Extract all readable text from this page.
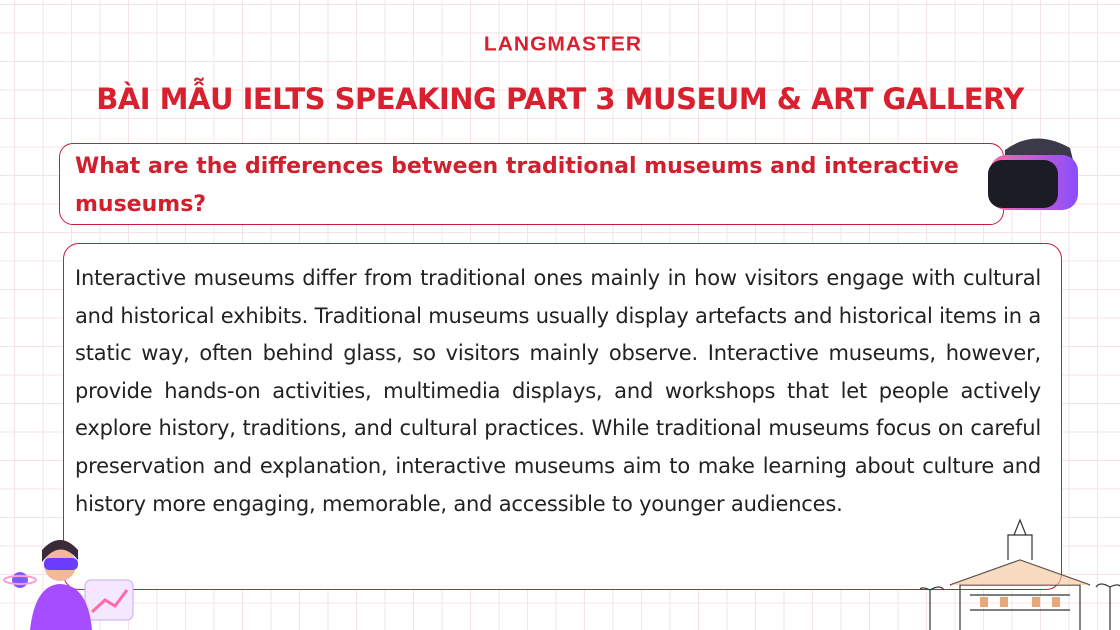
LANGMASTER
BÀI MẪU IELTS SPEAKING PART 3 MUSEUM & ART GALLERY
What are the differences between traditional museums and interactive museums?
Interactive museums differ from traditional ones mainly in how visitors engage with cultural and historical exhibits. Traditional museums usually display artefacts and historical items in a static way, often behind glass, so visitors mainly observe. Interactive museums, however, provide hands-on activities, multimedia displays, and workshops that let people actively explore history, traditions, and cultural practices. While traditional museums focus on careful preservation and explanation, interactive museums aim to make learning about culture and history more engaging, memorable, and accessible to younger audiences.
